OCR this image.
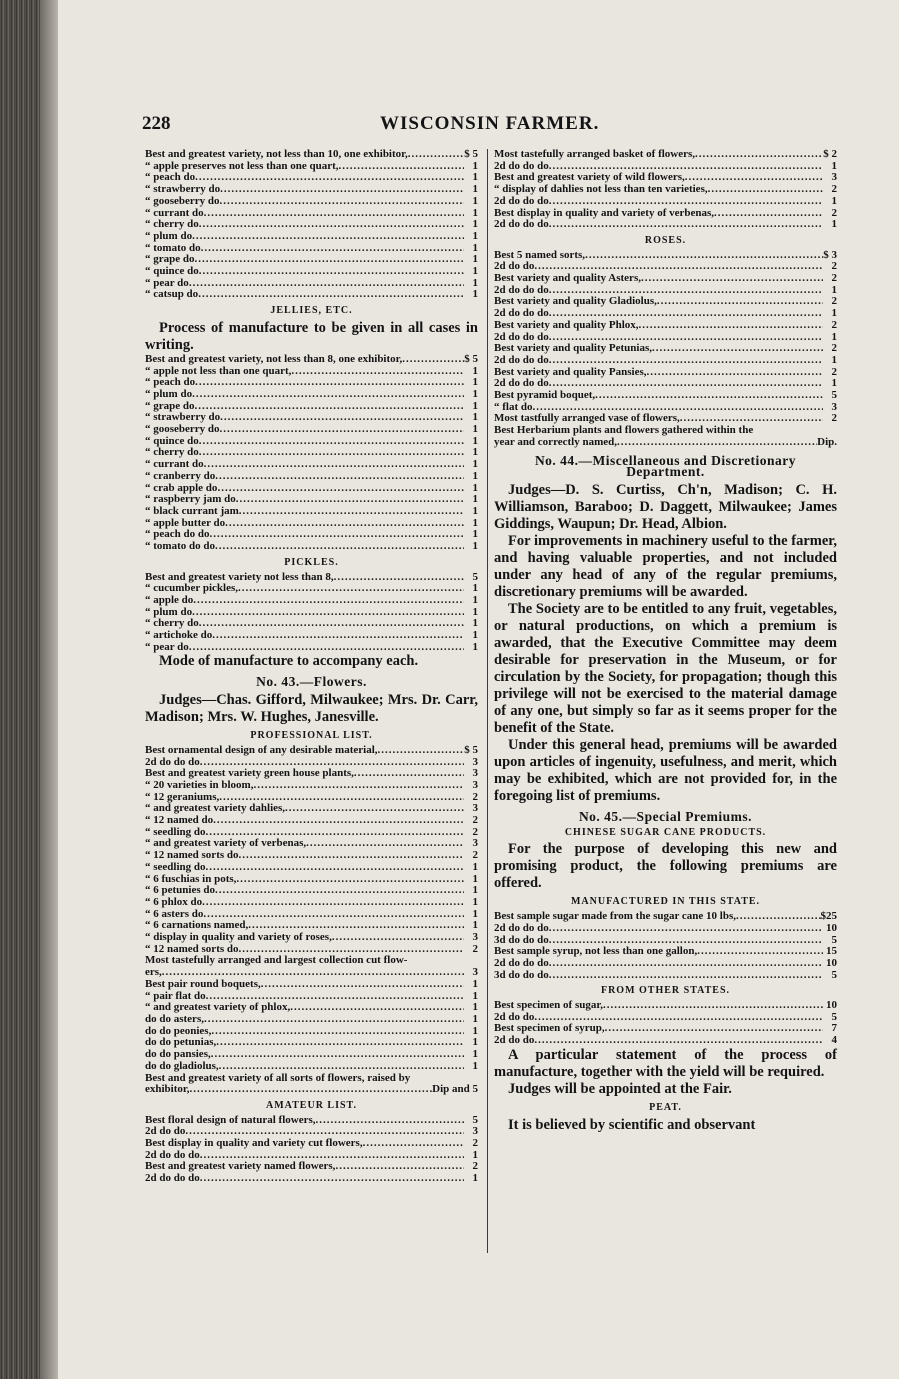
228	WISCONSIN FARMER.
Best and greatest variety, not less than 10, one exhibitor, .....	$ 5
“ apple preserves not less than one quart, .....	1
“ peach do .....	1
“ strawberry do .....	1
“ gooseberry do .....	1
“ currant do .....	1
“ cherry do .....	1
“ plum do .....	1
“ tomato do .....	1
“ grape do .....	1
“ quince do .....	1
“ pear do .....	1
“ catsup do .....	1
JELLIES, ETC.

Process of manufacture to be given in all cases in writing.

Best and greatest variety, not less than 8, one exhibitor, .....	$ 5
“ apple not less than one quart, .....	1
“ peach do .....	1
“ plum do .....	1
“ grape do .....	1
“ strawberry do .....	1
“ gooseberry do .....	1
“ quince do .....	1
“ cherry do .....	1
“ currant do .....	1
“ cranberry do .....	1
“ crab apple do .....	1
“ raspberry jam do .....	1
“ black currant jam .....	1
“ apple butter do .....	1
“ peach do do .....	1
“ tomato do do .....	1
PICKLES.
Best and greatest variety not less than 8, .....	5
“ cucumber pickles, .....	1
“ apple do .....	1
“ plum do .....	1
“ cherry do .....	1
“ artichoke do .....	1
“ pear do .....	1

Mode of manufacture to accompany each.

No. 43.—Flowers.

Judges—Chas. Gifford, Milwaukee; Mrs. Dr. Carr, Madison; Mrs. W. Hughes, Janesville.

PROFESSIONAL LIST.
Best ornamental design of any desirable material, .....	$ 5
2d do do do .....	3
Best and greatest variety green house plants, .....	3
“ 20 varieties in bloom, .....	3
“ 12 geraniums, .....	2
“ and greatest variety dahlies, .....	3
“ 12 named do .....	2
“ seedling do .....	2
“ and greatest variety of verbenas, .....	3
“ 12 named sorts do .....	2
“ seedling do .....	1
“ 6 fuschias in pots, .....	1
“ 6 petunies do .....	1
“ 6 phlox do .....	1
“ 6 asters do .....	1
“ 6 carnations named, .....	1
“ display in quality and variety of roses, .....	3
“ 12 named sorts do .....	2
Most tastefully arranged and largest collection cut flow-
ers, .....	3
Best pair round boquets, .....	1
“ pair flat do .....	1
“ and greatest variety of phlox, .....	1
do do asters, .....	1
do do peonies, .....	1
do do petunias, .....	1
do do pansies, .....	1
do do gladiolus, .....	1
Best and greatest variety of all sorts of flowers, raised by
exhibitor, .....	Dip and 5
AMATEUR LIST.
Best floral design of natural flowers, .....	5
2d do do .....	3
Best display in quality and variety cut flowers, .....	2
2d do do do .....	1
Best and greatest variety named flowers, .....	2
2d do do do .....	1
Most tastefully arranged basket of flowers, .....	$ 2
2d do do do .....	1
Best and greatest variety of wild flowers, .....	3
“ display of dahlies not less than ten varieties, .....	2
2d do do do .....	1
Best display in quality and variety of verbenas, .....	2
2d do do do .....	1
ROSES.
Best 5 named sorts, .....	$ 3
2d do do .....	2
Best variety and quality Asters, .....	2
2d do do do .....	1
Best variety and quality Gladiolus, .....	2
2d do do do .....	1
Best variety and quality Phlox, .....	2
2d do do do .....	1
Best variety and quality Petunias, .....	2
2d do do do .....	1
Best variety and quality Pansies, .....	2
2d do do do .....	1
Best pyramid boquet, .....	5
“ flat do .....	3
Most tastfully arranged vase of flowers, .....	2
Best Herbarium plants and flowers gathered within the
year and correctly named, .....	Dip.
No. 44.—Miscellaneous and Discretionary Department.

Judges—D. S. Curtiss, Ch'n, Madison; C. H. Williamson, Baraboo; D. Daggett, Milwaukee; James Giddings, Waupun; Dr. Head, Albion.

For improvements in machinery useful to the farmer, and having valuable properties, and not included under any head of any of the regular premiums, discretionary premiums will be awarded.

The Society are to be entitled to any fruit, vegetables, or natural productions, on which a premium is awarded, that the Executive Committee may deem desirable for preservation in the Museum, or for circulation by the Society, for propagation; though this privilege will not be exercised to the material damage of any one, but simply so far as it seems proper for the benefit of the State.

Under this general head, premiums will be awarded upon articles of ingenuity, usefulness, and merit, which may be exhibited, which are not provided for, in the foregoing list of premiums.

No. 45.—Special Premiums.
CHINESE SUGAR CANE PRODUCTS.

For the purpose of developing this new and promising product, the following premiums are offered.

MANUFACTURED IN THIS STATE.
Best sample sugar made from the sugar cane 10 lbs, .....	$25
2d do do do .....	10
3d do do do .....	5
Best sample syrup, not less than one gallon, .....	15
2d do do do .....	10
3d do do do .....	5
FROM OTHER STATES.
Best specimen of sugar, .....	10
2d do do .....	5
Best specimen of syrup, .....	7
2d do do .....	4

A particular statement of the process of manufacture, together with the yield will be required.

Judges will be appointed at the Fair.

PEAT.

It is believed by scientific and observant
